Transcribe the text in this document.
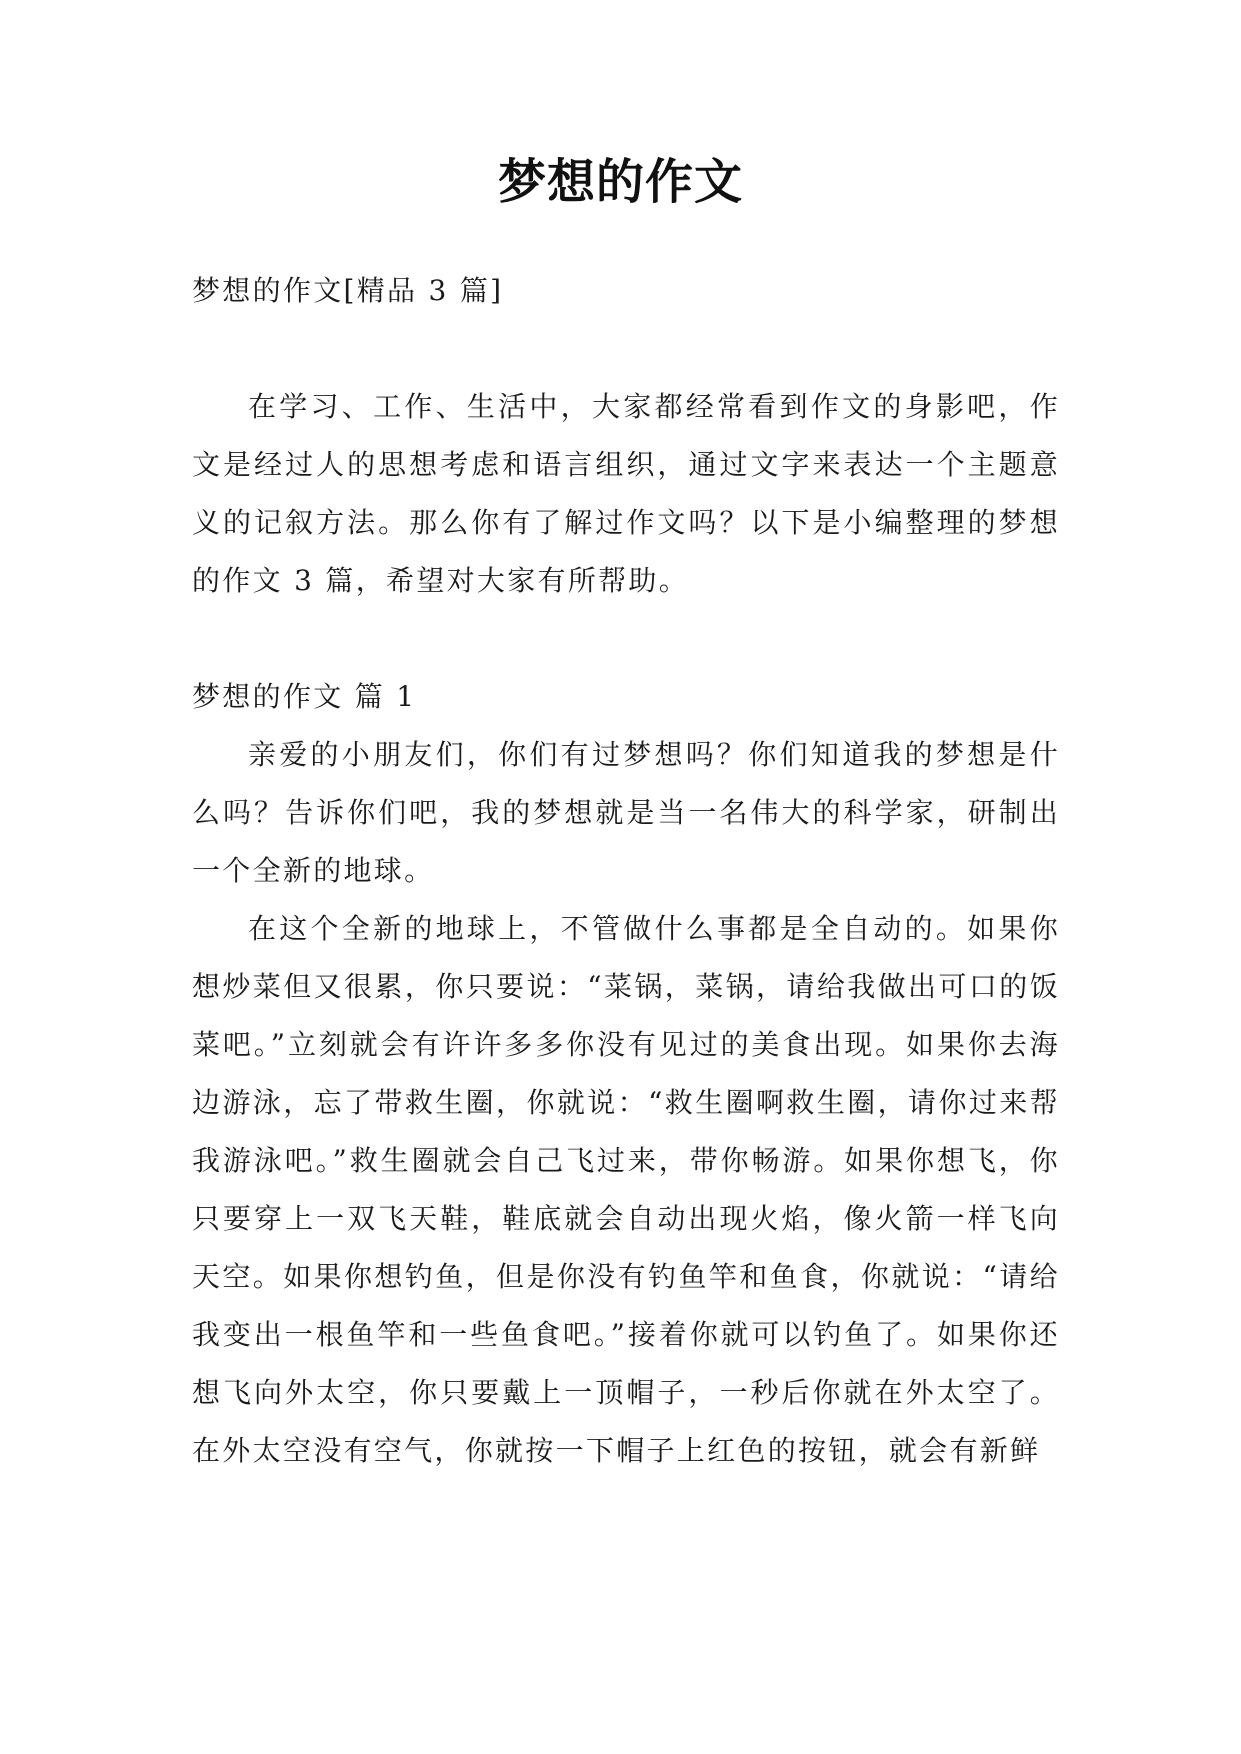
梦想的作文

梦想的作文[精品 3 篇]

在学习、工作、生活中，大家都经常看到作文的身影吧，作文是经过人的思想考虑和语言组织，通过文字来表达一个主题意义的记叙方法。那么你有了解过作文吗？以下是小编整理的梦想的作文 3 篇，希望对大家有所帮助。

梦想的作文 篇 1

亲爱的小朋友们，你们有过梦想吗？你们知道我的梦想是什么吗？告诉你们吧，我的梦想就是当一名伟大的科学家，研制出一个全新的地球。

在这个全新的地球上，不管做什么事都是全自动的。如果你想炒菜但又很累，你只要说：“菜锅，菜锅，请给我做出可口的饭菜吧。”立刻就会有许许多多你没有见过的美食出现。如果你去海边游泳，忘了带救生圈，你就说：“救生圈啊救生圈，请你过来帮我游泳吧。”救生圈就会自己飞过来，带你畅游。如果你想飞，你只要穿上一双飞天鞋，鞋底就会自动出现火焰，像火箭一样飞向天空。如果你想钓鱼，但是你没有钓鱼竿和鱼食，你就说：“请给我变出一根鱼竿和一些鱼食吧。”接着你就可以钓鱼了。如果你还想飞向外太空，你只要戴上一顶帽子，一秒后你就在外太空了。在外太空没有空气，你就按一下帽子上红色的按钮，就会有新鲜
